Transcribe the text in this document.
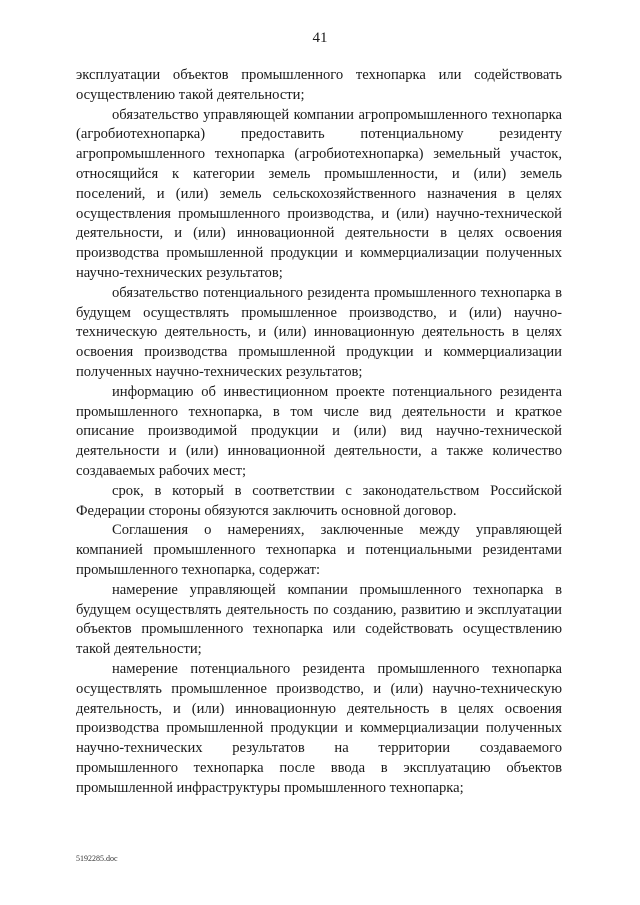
41

эксплуатации объектов промышленного технопарка или содействовать осуществлению такой деятельности;

обязательство управляющей компании агропромышленного технопарка (агробиотехнопарка) предоставить потенциальному резиденту агропромышленного технопарка (агробиотехнопарка) земельный участок, относящийся к категории земель промышленности, и (или) земель поселений, и (или) земель сельскохозяйственного назначения в целях осуществления промышленного производства, и (или) научно-технической деятельности, и (или) инновационной деятельности в целях освоения производства промышленной продукции и коммерциализации полученных научно-технических результатов;

обязательство потенциального резидента промышленного технопарка в будущем осуществлять промышленное производство, и (или) научно-техническую деятельность, и (или) инновационную деятельность в целях освоения производства промышленной продукции и коммерциализации полученных научно-технических результатов;

информацию об инвестиционном проекте потенциального резидента промышленного технопарка, в том числе вид деятельности и краткое описание производимой продукции и (или) вид научно-технической деятельности и (или) инновационной деятельности, а также количество создаваемых рабочих мест;

срок, в который в соответствии с законодательством Российской Федерации стороны обязуются заключить основной договор.

Соглашения о намерениях, заключенные между управляющей компанией промышленного технопарка и потенциальными резидентами промышленного технопарка, содержат:

намерение управляющей компании промышленного технопарка в будущем осуществлять деятельность по созданию, развитию и эксплуатации объектов промышленного технопарка или содействовать осуществлению такой деятельности;

намерение потенциального резидента промышленного технопарка осуществлять промышленное производство, и (или) научно-техническую деятельность, и (или) инновационную деятельность в целях освоения производства промышленной продукции и коммерциализации полученных научно-технических результатов на территории создаваемого промышленного технопарка после ввода в эксплуатацию объектов промышленной инфраструктуры промышленного технопарка;

5192285.doc
